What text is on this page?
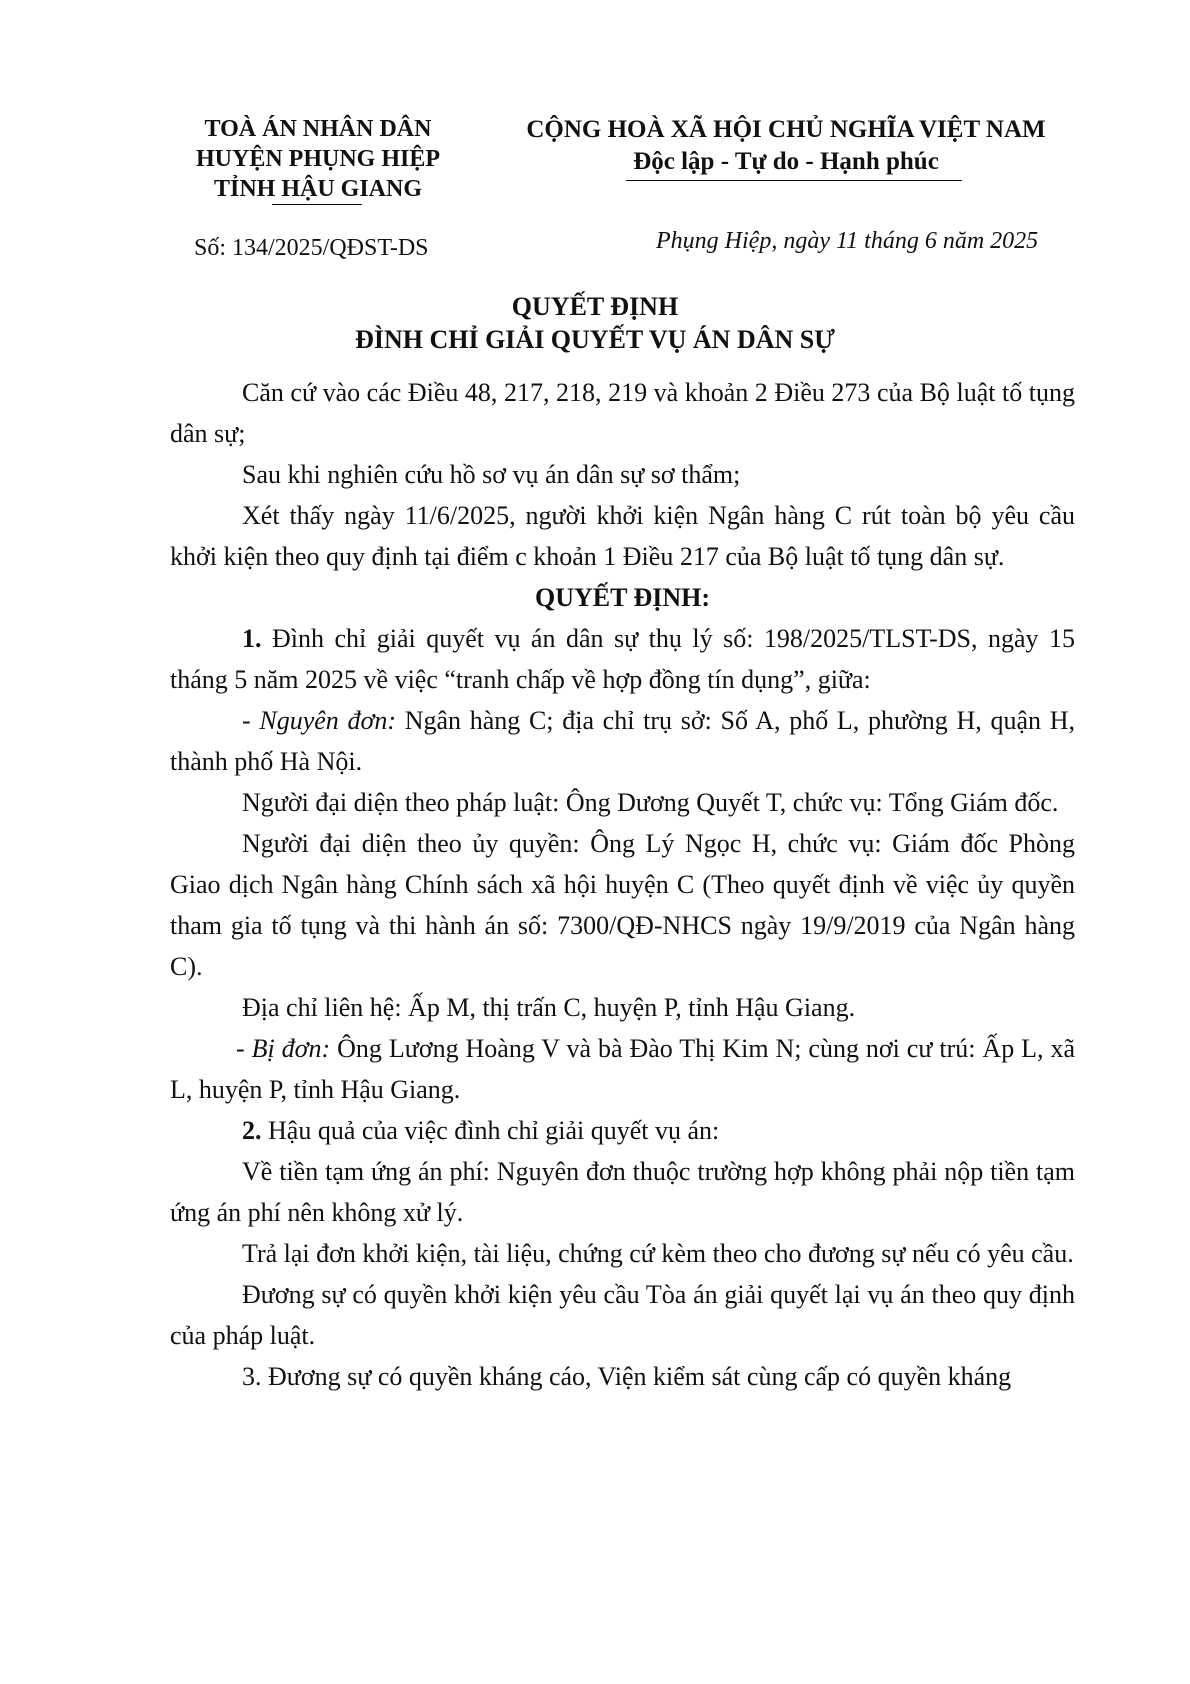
TOÀ ÁN NHÂN DÂN
HUYỆN PHỤNG HIỆP
TỈNH HẬU GIANG
CỘNG HOÀ XÃ HỘI CHỦ NGHĨA VIỆT NAM
Độc lập - Tự do - Hạnh phúc
Số: 134/2025/QĐST-DS	Phụng Hiệp, ngày 11 tháng 6 năm 2025
QUYẾT ĐỊNH
ĐÌNH CHỈ GIẢI QUYẾT VỤ ÁN DÂN SỰ

Căn cứ vào các Điều 48, 217, 218, 219 và khoản 2 Điều 273 của Bộ luật tố tụng dân sự;

Sau khi nghiên cứu hồ sơ vụ án dân sự sơ thẩm;

Xét thấy ngày 11/6/2025, người khởi kiện Ngân hàng C rút toàn bộ yêu cầu khởi kiện theo quy định tại điểm c khoản 1 Điều 217 của Bộ luật tố tụng dân sự.

QUYẾT ĐỊNH:

1. Đình chỉ giải quyết vụ án dân sự thụ lý số: 198/2025/TLST-DS, ngày 15 tháng 5 năm 2025 về việc “tranh chấp về hợp đồng tín dụng”, giữa:

- Nguyên đơn: Ngân hàng C; địa chỉ trụ sở: Số A, phố L, phường H, quận H, thành phố Hà Nội.

Người đại diện theo pháp luật: Ông Dương Quyết T, chức vụ: Tổng Giám đốc.

Người đại diện theo ủy quyền: Ông Lý Ngọc H, chức vụ: Giám đốc Phòng Giao dịch Ngân hàng Chính sách xã hội huyện C (Theo quyết định về việc ủy quyền tham gia tố tụng và thi hành án số: 7300/QĐ-NHCS ngày 19/9/2019 của Ngân hàng C).

Địa chỉ liên hệ: Ấp M, thị trấn C, huyện P, tỉnh Hậu Giang.

- Bị đơn: Ông Lương Hoàng V và bà Đào Thị Kim N; cùng nơi cư trú: Ấp L, xã L, huyện P, tỉnh Hậu Giang.

2. Hậu quả của việc đình chỉ giải quyết vụ án:

Về tiền tạm ứng án phí: Nguyên đơn thuộc trường hợp không phải nộp tiền tạm ứng án phí nên không xử lý.

Trả lại đơn khởi kiện, tài liệu, chứng cứ kèm theo cho đương sự nếu có yêu cầu.

Đương sự có quyền khởi kiện yêu cầu Tòa án giải quyết lại vụ án theo quy định của pháp luật.

3. Đương sự có quyền kháng cáo, Viện kiểm sát cùng cấp có quyền kháng
